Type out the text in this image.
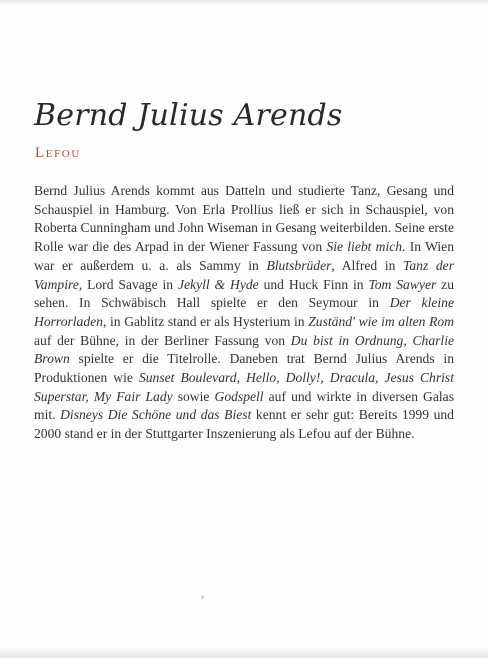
Bernd Julius Arends

Lefou

Bernd Julius Arends kommt aus Datteln und studierte Tanz, Gesang und Schauspiel in Hamburg. Von Erla Prollius ließ er sich in Schauspiel, von Roberta Cunningham und John Wiseman in Gesang weiterbilden. Seine erste Rolle war die des Arpad in der Wiener Fassung von Sie liebt mich. In Wien war er außerdem u. a. als Sammy in Blutsbrüder, Alfred in Tanz der Vampire, Lord Savage in Jekyll & Hyde und Huck Finn in Tom Sawyer zu sehen. In Schwäbisch Hall spielte er den Seymour in Der kleine Horrorladen, in Gablitz stand er als Hysterium in Zuständ' wie im alten Rom auf der Bühne, in der Berliner Fassung von Du bist in Ordnung, Charlie Brown spielte er die Titelrolle. Daneben trat Bernd Julius Arends in Produktionen wie Sunset Boulevard, Hello, Dolly!, Dracula, Jesus Christ Superstar, My Fair Lady sowie Godspell auf und wirkte in diversen Galas mit. Disneys Die Schöne und das Biest kennt er sehr gut: Bereits 1999 und 2000 stand er in der Stuttgarter Inszenierung als Lefou auf der Bühne.

❜
